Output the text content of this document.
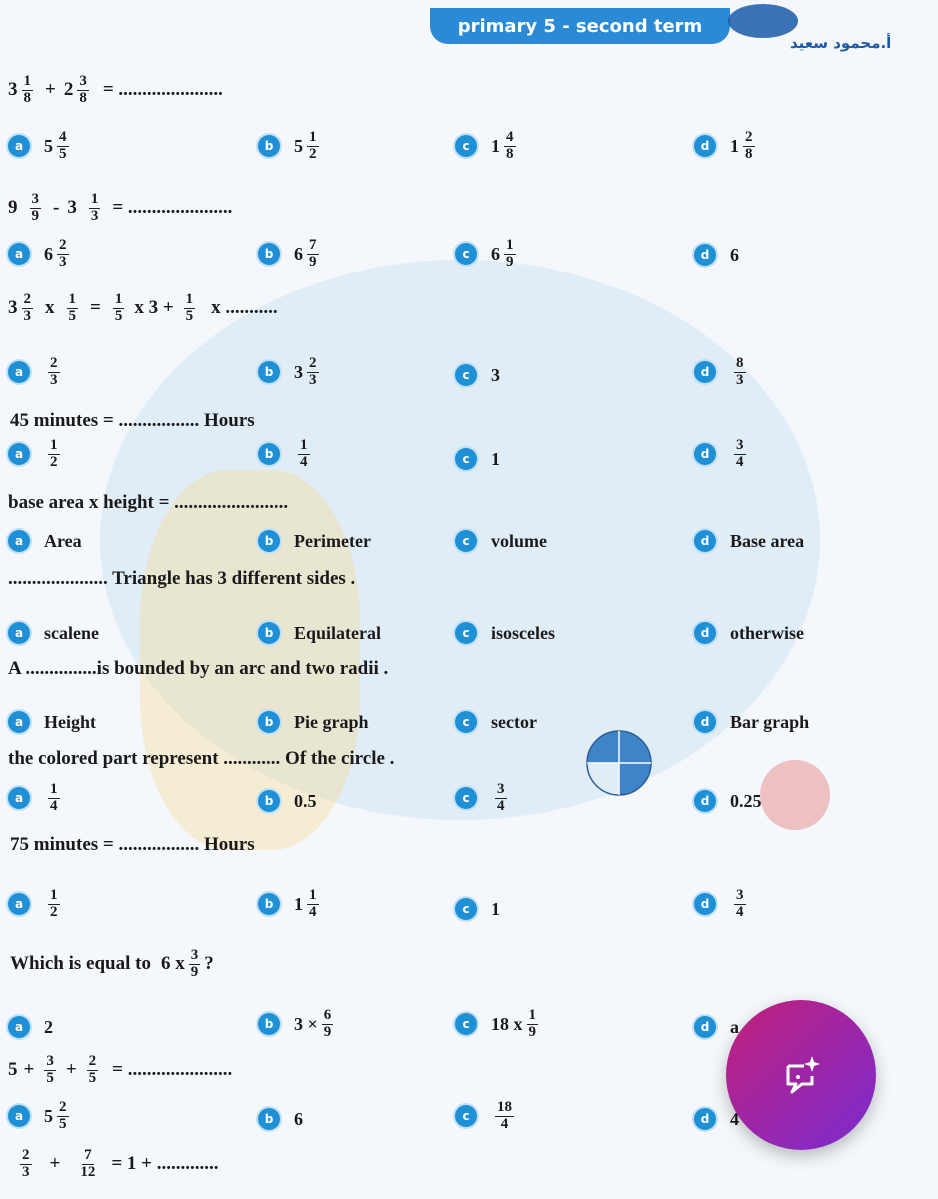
primary 5 - second term
أ.محمود سعيد
$3 \frac{1}{8} + 2 \frac{3}{8}$ = ......................
a	$5 \frac{4}{5}$	b	$5 \frac{1}{2}$	c	$1 \frac{4}{8}$	d	$1 \frac{2}{8}$
$9 \frac{3}{9} - 3 \frac{1}{3}$ = ......................
a	$6 \frac{2}{3}$	b	$6 \frac{7}{9}$	c	$6 \frac{1}{9}$	d	6
$3 \frac{2}{3}$ x $\frac{1}{5} = \frac{1}{5}$ x $3 + \frac{1}{5}$ x ...........
a	$\frac{2}{3}$	b	$3 \frac{2}{3}$	c	3	d	$\frac{8}{3}$
45 minutes = ................. Hours
a	$\frac{1}{2}$	b	$\frac{1}{4}$	c	1	d	$\frac{3}{4}$
base area x height = ........................
a	Area	b	Perimeter	c	volume	d	Base area
..................... Triangle has 3 different sides .
a	scalene	b	Equilateral	c	isosceles	d	otherwise
A ...............is bounded by an arc and two radii .
a	Height	b	Pie graph	c	sector	d	Bar graph
the colored part represent ............ Of the circle .
a	$\frac{1}{4}$	b	0.5	c	$\frac{3}{4}$	d	0.25
75 minutes = ................. Hours
a	$\frac{1}{2}$	b	$1 \frac{1}{4}$	c	1	d	$\frac{3}{4}$
Which is equal to 6 x $\frac{3}{9}$ ?
a	2	b	$3 \times \frac{6}{9}$	c	18 x $\frac{1}{9}$	d	a
$5 + \frac{3}{5} + \frac{2}{5}$ = ......................
a	$5 \frac{2}{5}$	b	6	c	$\frac{18}{4}$	d	4
$\frac{2}{3} + \frac{7}{12} = 1$ + .............
